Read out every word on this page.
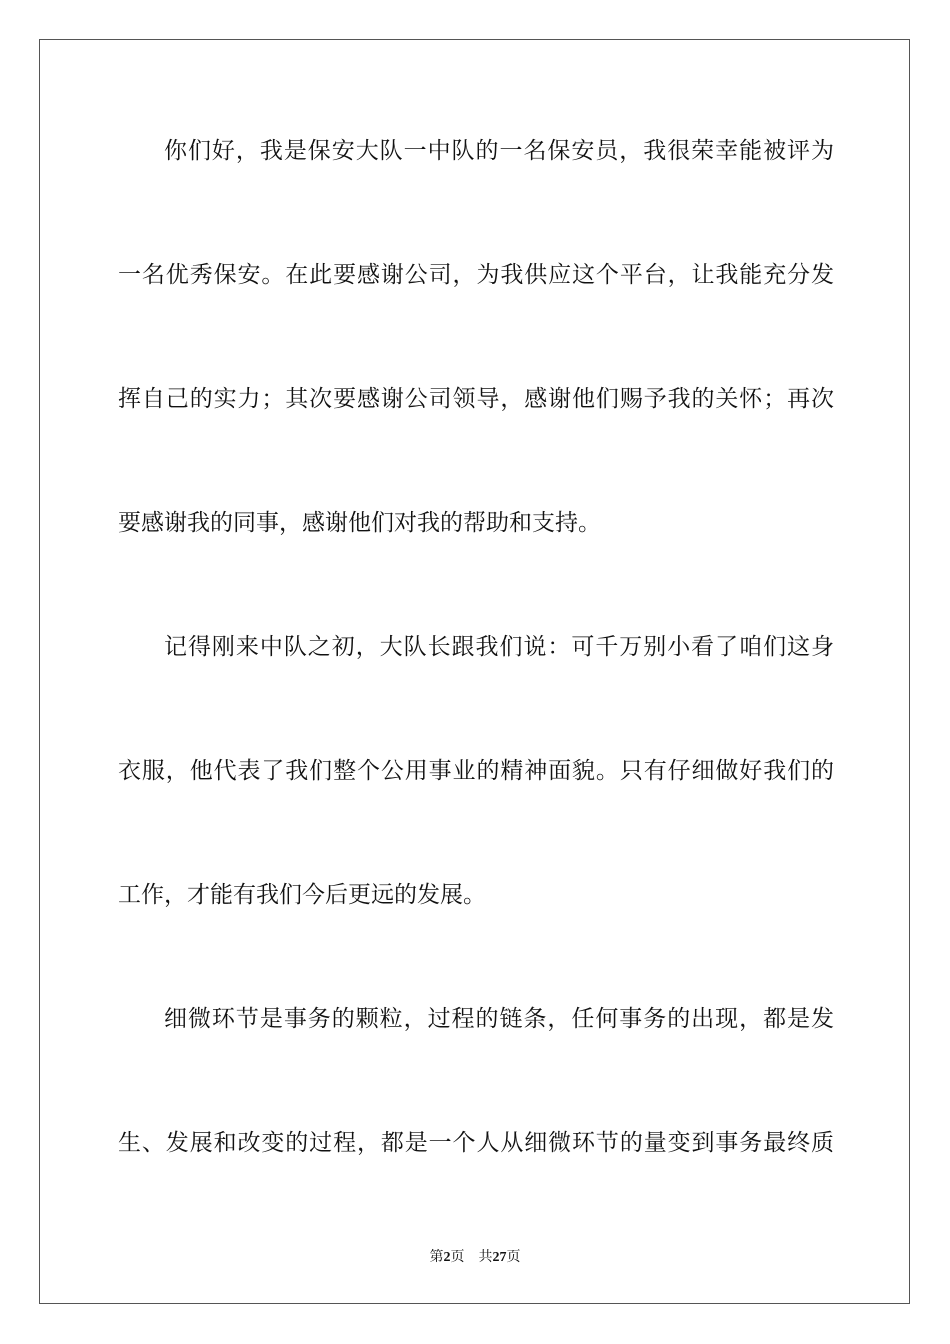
你们好，我是保安大队一中队的一名保安员，我很荣幸能被评为
一名优秀保安。在此要感谢公司，为我供应这个平台，让我能充分发
挥自己的实力；其次要感谢公司领导，感谢他们赐予我的关怀；再次
要感谢我的同事，感谢他们对我的帮助和支持。
记得刚来中队之初，大队长跟我们说：可千万别小看了咱们这身
衣服，他代表了我们整个公用事业的精神面貌。只有仔细做好我们的
工作，才能有我们今后更远的发展。
细微环节是事务的颗粒，过程的链条，任何事务的出现，都是发
生、发展和改变的过程，都是一个人从细微环节的量变到事务最终质
第2页 共27页
